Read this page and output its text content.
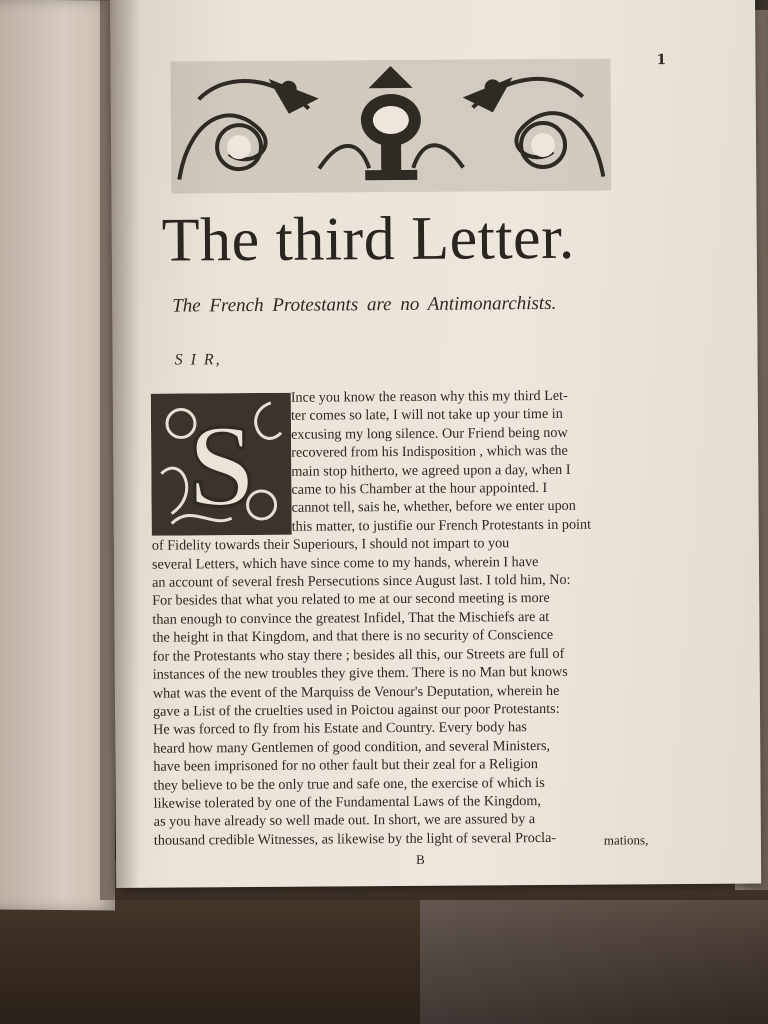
1
The third Letter.
The French Protestants are no Antimonarchists.
S I R,
S
Ince you know the reason why this my third Let-
ter comes so late, I will not take up your time in
excusing my long silence. Our Friend being now
recovered from his Indisposition , which was the
main stop hitherto, we agreed upon a day, when I
came to his Chamber at the hour appointed. I
cannot tell, sais he, whether, before we enter upon
this matter, to justifie our French Protestants in point
of Fidelity towards their Superiours, I should not impart to you
several Letters, which have since come to my hands, wherein I have
an account of several fresh Persecutions since August last. I told him, No:
For besides that what you related to me at our second meeting is more
than enough to convince the greatest Infidel, That the Mischiefs are at
the height in that Kingdom, and that there is no security of Conscience
for the Protestants who stay there ; besides all this, our Streets are full of
instances of the new troubles they give them. There is no Man but knows
what was the event of the Marquiss de Venour's Deputation, wherein he
gave a List of the cruelties used in Poictou against our poor Protestants:
He was forced to fly from his Estate and Country. Every body has
heard how many Gentlemen of good condition, and several Ministers,
have been imprisoned for no other fault but their zeal for a Religion
they believe to be the only true and safe one, the exercise of which is
likewise tolerated by one of the Fundamental Laws of the Kingdom,
as you have already so well made out. In short, we are assured by a
thousand credible Witnesses, as likewise by the light of several Procla-	mations,
B
